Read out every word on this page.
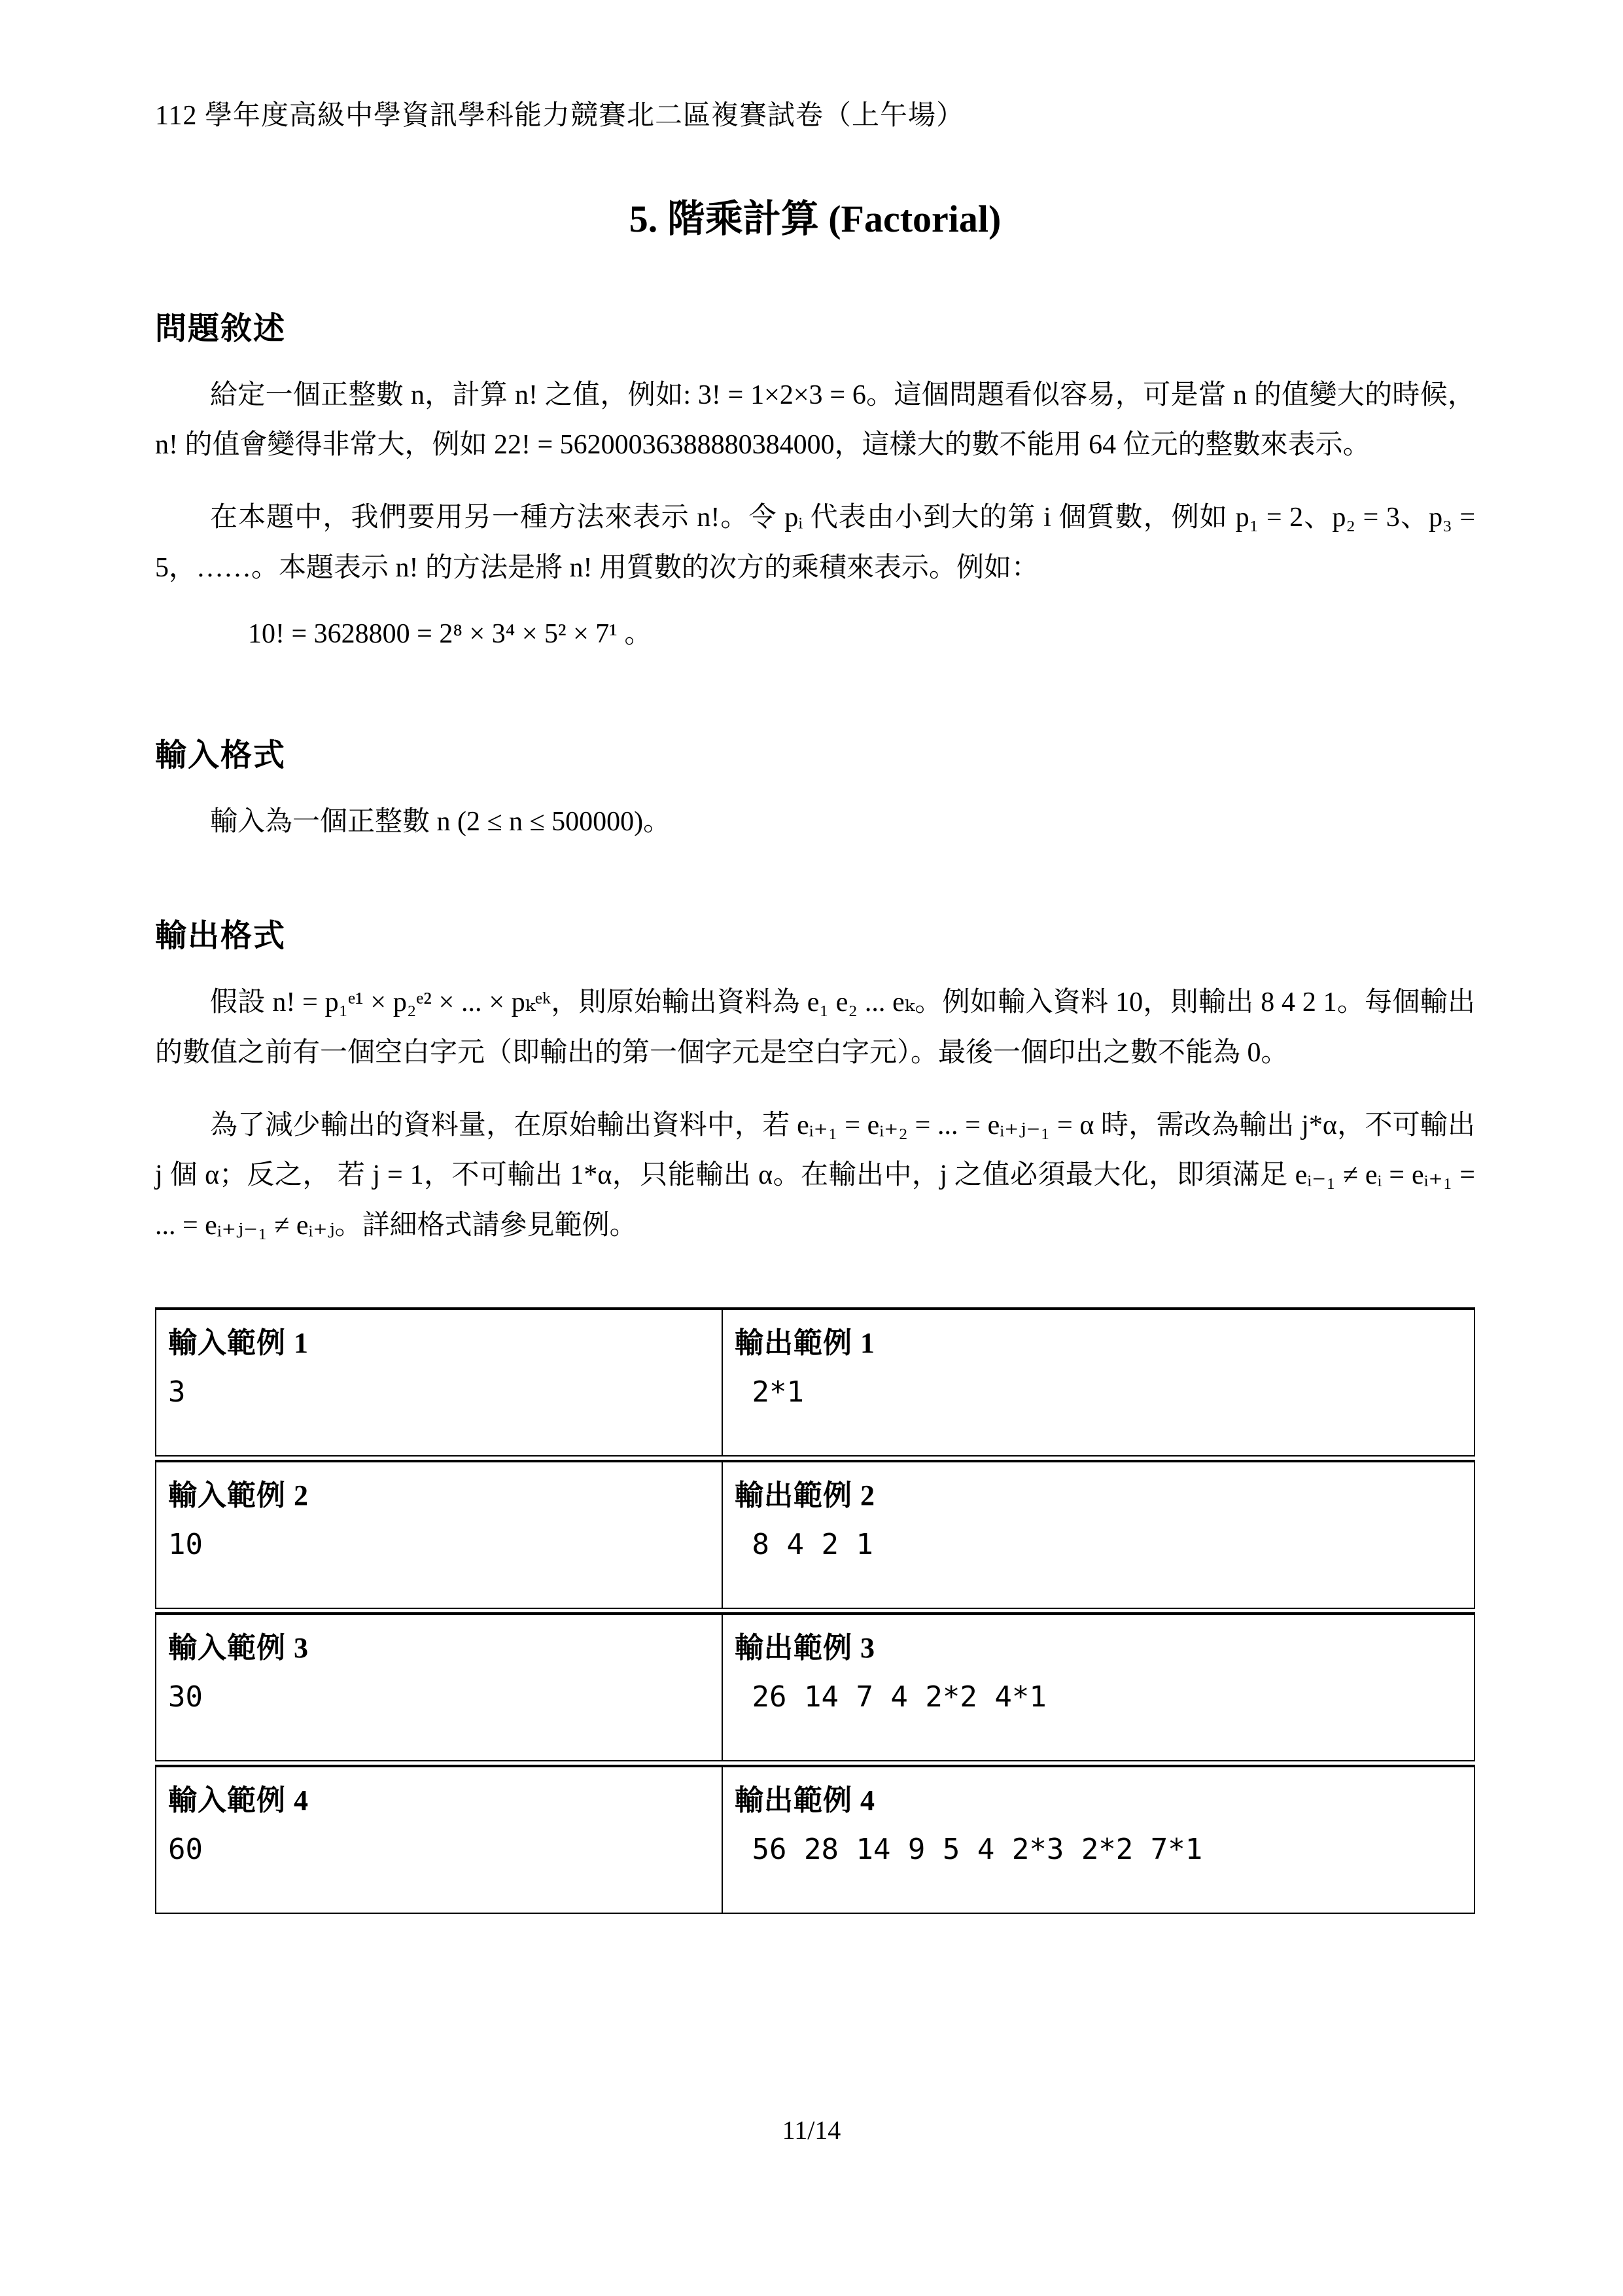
112 學年度高級中學資訊學科能力競賽北二區複賽試卷（上午場）
5. 階乘計算 (Factorial)
問題敘述
給定一個正整數 n，計算 n! 之值，例如: 3! = 1×2×3 = 6。這個問題看似容易，可是當 n 的值變大的時候，n! 的值會變得非常大，例如 22! = 56200036388880384000，這樣大的數不能用 64 位元的整數來表示。
在本題中，我們要用另一種方法來表示 n!。令 pᵢ 代表由小到大的第 i 個質數，例如 p₁ = 2、p₂ = 3、p₃ = 5，……。本題表示 n! 的方法是將 n! 用質數的次方的乘積來表示。例如：
10! = 3628800 = 2⁸ × 3⁴ × 5² × 7¹ 。
輸入格式
輸入為一個正整數 n (2 ≤ n ≤ 500000)。
輸出格式
假設 n! = p₁ᵉ¹ × p₂ᵉ² × ... × pₖᵉᵏ，則原始輸出資料為 e₁ e₂ ... eₖ。例如輸入資料 10，則輸出 8 4 2 1。每個輸出的數值之前有一個空白字元（即輸出的第一個字元是空白字元）。最後一個印出之數不能為 0。
為了減少輸出的資料量，在原始輸出資料中，若 eᵢ₊₁ = eᵢ₊₂ = ... = eᵢ₊ⱼ₋₁ = α 時，需改為輸出 j*α，不可輸出 j 個 α；反之， 若 j = 1，不可輸出 1*α，只能輸出 α。在輸出中，j 之值必須最大化，即須滿足 eᵢ₋₁ ≠ eᵢ = eᵢ₊₁ = ... = eᵢ₊ⱼ₋₁ ≠ eᵢ₊ⱼ。詳細格式請參見範例。
輸入範例 1
3
輸出範例 1
2*1
輸入範例 2
10
輸出範例 2
8 4 2 1
輸入範例 3
30
輸出範例 3
26 14 7 4 2*2 4*1
輸入範例 4
60
輸出範例 4
56 28 14 9 5 4 2*3 2*2 7*1
11/14
